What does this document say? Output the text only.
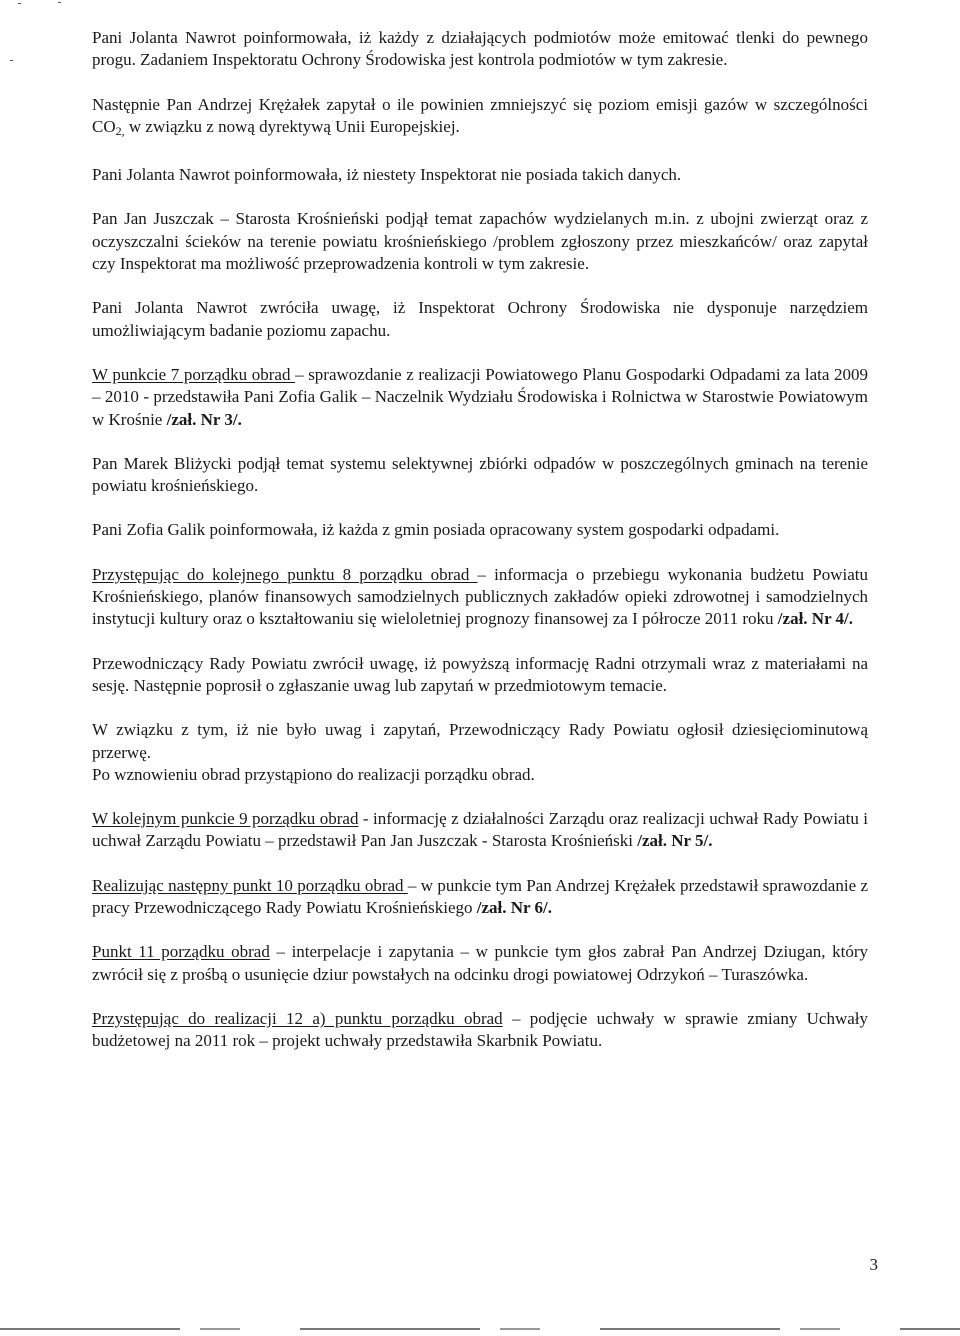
Pani Jolanta Nawrot poinformowała, iż każdy z działających podmiotów może emitować tlenki do pewnego progu. Zadaniem Inspektoratu Ochrony Środowiska jest kontrola podmiotów w tym zakresie.

Następnie Pan Andrzej Krężałek zapytał o ile powinien zmniejszyć się poziom emisji gazów w szczególności $CO_{2,}$ w związku z nową dyrektywą Unii Europejskiej.

Pani Jolanta Nawrot poinformowała, iż niestety Inspektorat nie posiada takich danych.

Pan Jan Juszczak – Starosta Krośnieński podjął temat zapachów wydzielanych m.in. z ubojni zwierząt oraz z oczyszczalni ścieków na terenie powiatu krośnieńskiego /problem zgłoszony przez mieszkańców/ oraz zapytał czy Inspektorat ma możliwość przeprowadzenia kontroli w tym zakresie.

Pani Jolanta Nawrot zwróciła uwagę, iż Inspektorat Ochrony Środowiska nie dysponuje narzędziem umożliwiającym badanie poziomu zapachu.

W punkcie 7 porządku obrad – sprawozdanie z realizacji Powiatowego Planu Gospodarki Odpadami za lata 2009 – 2010 - przedstawiła Pani Zofia Galik – Naczelnik Wydziału Środowiska i Rolnictwa w Starostwie Powiatowym w Krośnie /zał. Nr 3/.

Pan Marek Bliżycki podjął temat systemu selektywnej zbiórki odpadów w poszczególnych gminach na terenie powiatu krośnieńskiego.

Pani Zofia Galik poinformowała, iż każda z gmin posiada opracowany system gospodarki odpadami.

Przystępując do kolejnego punktu 8 porządku obrad – informacja o przebiegu wykonania budżetu Powiatu Krośnieńskiego, planów finansowych samodzielnych publicznych zakładów opieki zdrowotnej i samodzielnych instytucji kultury oraz o kształtowaniu się wieloletniej prognozy finansowej za I półrocze 2011 roku /zał. Nr 4/.

Przewodniczący Rady Powiatu zwrócił uwagę, iż powyższą informację Radni otrzymali wraz z materiałami na sesję. Następnie poprosił o zgłaszanie uwag lub zapytań w przedmiotowym temacie.

W związku z tym, iż nie było uwag i zapytań, Przewodniczący Rady Powiatu ogłosił dziesięciominutową przerwę.

Po wznowieniu obrad przystąpiono do realizacji porządku obrad.

W kolejnym punkcie 9 porządku obrad - informację z działalności Zarządu oraz realizacji uchwał Rady Powiatu i uchwał Zarządu Powiatu – przedstawił Pan Jan Juszczak - Starosta Krośnieński /zał. Nr 5/.

Realizując następny punkt 10 porządku obrad – w punkcie tym Pan Andrzej Krężałek przedstawił sprawozdanie z pracy Przewodniczącego Rady Powiatu Krośnieńskiego /zał. Nr 6/.

Punkt 11 porządku obrad – interpelacje i zapytania – w punkcie tym głos zabrał Pan Andrzej Dziugan, który zwrócił się z prośbą o usunięcie dziur powstałych na odcinku drogi powiatowej Odrzykoń – Turaszówka.

Przystępując do realizacji 12 a) punktu porządku obrad – podjęcie uchwały w sprawie zmiany Uchwały budżetowej na 2011 rok – projekt uchwały przedstawiła Skarbnik Powiatu.

3
